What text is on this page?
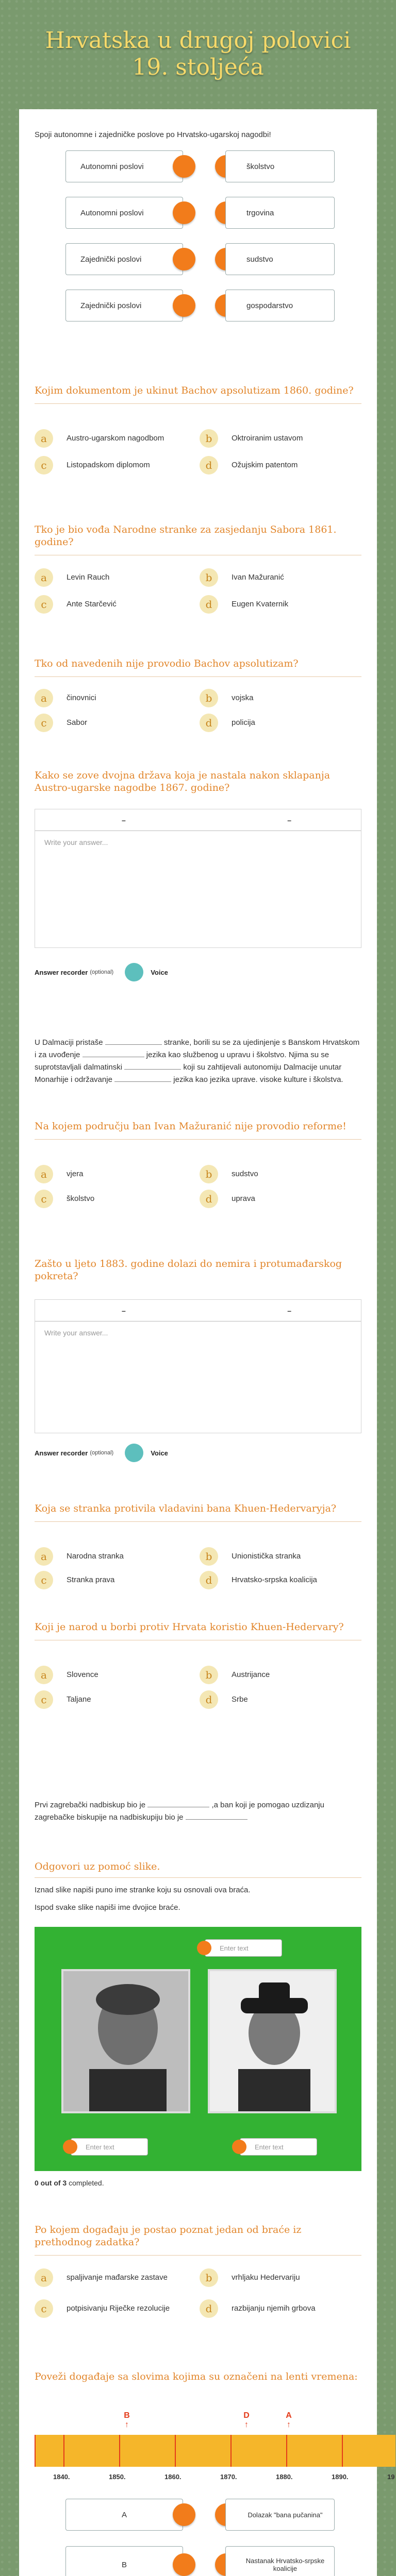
Hrvatska u drugoj polovici
19. stoljeća
Spoji autonomne i zajedničke poslove po Hrvatsko-ugarskoj nagodbi!
Autonomni poslovi	školstvo
Autonomni poslovi	trgovina
Zajednički poslovi	sudstvo
Zajednički poslovi	gospodarstvo
Kojim dokumentom je ukinut Bachov apsolutizam 1860. godine?
a	Austro-ugarskom nagodbom	b	Oktroiranim ustavom
c	Listopadskom diplomom	d	Ožujskim patentom
Tko je bio vođa Narodne stranke za zasjedanju Sabora 1861. godine?
a	Levin Rauch	b	Ivan Mažuranić
c	Ante Starčević	d	Eugen Kvaternik
Tko od navedenih nije provodio Bachov apsolutizam?
a	činovnici	b	vojska
c	Sabor	d	policija
Kako se zove dvojna država koja je nastala nakon sklapanja Austro-ugarske nagodbe 1867. godine?
–	–
Write your answer...
Answer recorder (optional)	Voice
U Dalmaciji pristaše	stranke, borili su se za ujedinjenje s Banskom Hrvatskom i za uvođenje	jezika kao službenog u upravu i školstvo. Njima su se suprotstavljali dalmatinski	koji su zahtijevali autonomiju Dalmacije unutar Monarhije i održavanje	jezika kao jezika uprave. visoke kulture i školstva.
Na kojem području ban Ivan Mažuranić nije provodio reforme!
a	vjera	b	sudstvo
c	školstvo	d	uprava
Zašto u ljeto 1883. godine dolazi do nemira i protumađarskog pokreta?
–	–
Write your answer...
Answer recorder (optional)	Voice
Koja se stranka protivila vladavini bana Khuen-Hedervaryja?
a	Narodna stranka	b	Unionistička stranka
c	Stranka prava	d	Hrvatsko-srpska koalicija
Koji je narod u borbi protiv Hrvata koristio Khuen-Hedervary?
a	Slovence	b	Austrijance
c	Taljane	d	Srbe
Prvi zagrebački nadbiskup bio je	,a ban koji je pomogao uzdizanju zagrebačke biskupije na nadbiskupiju bio je
Odgovori uz pomoć slike.
Iznad slike napiši puno ime stranke koju su osnovali ova braća.
Ispod svake slike napiši ime dvojice braće.
Enter text
Enter text	Enter text
0 out of 3 completed.
Po kojem događaju je postao poznat jedan od braće iz prethodnog zadatka?
a	spaljivanje mađarske zastave	b	vrhljaku Hedervariju
c	potpisivanju Riječke rezolucije	d	razbijanju njemih grbova
Poveži događaje sa slovima kojima su označeni na lenti vremena:
B
↑
D
↑
A
↑
1840.	1850.	1860.	1870.	1880.	1890.	19
A	Dolazak "bana pučanina"
B	Nastanak Hrvatsko-srpske koalicije
